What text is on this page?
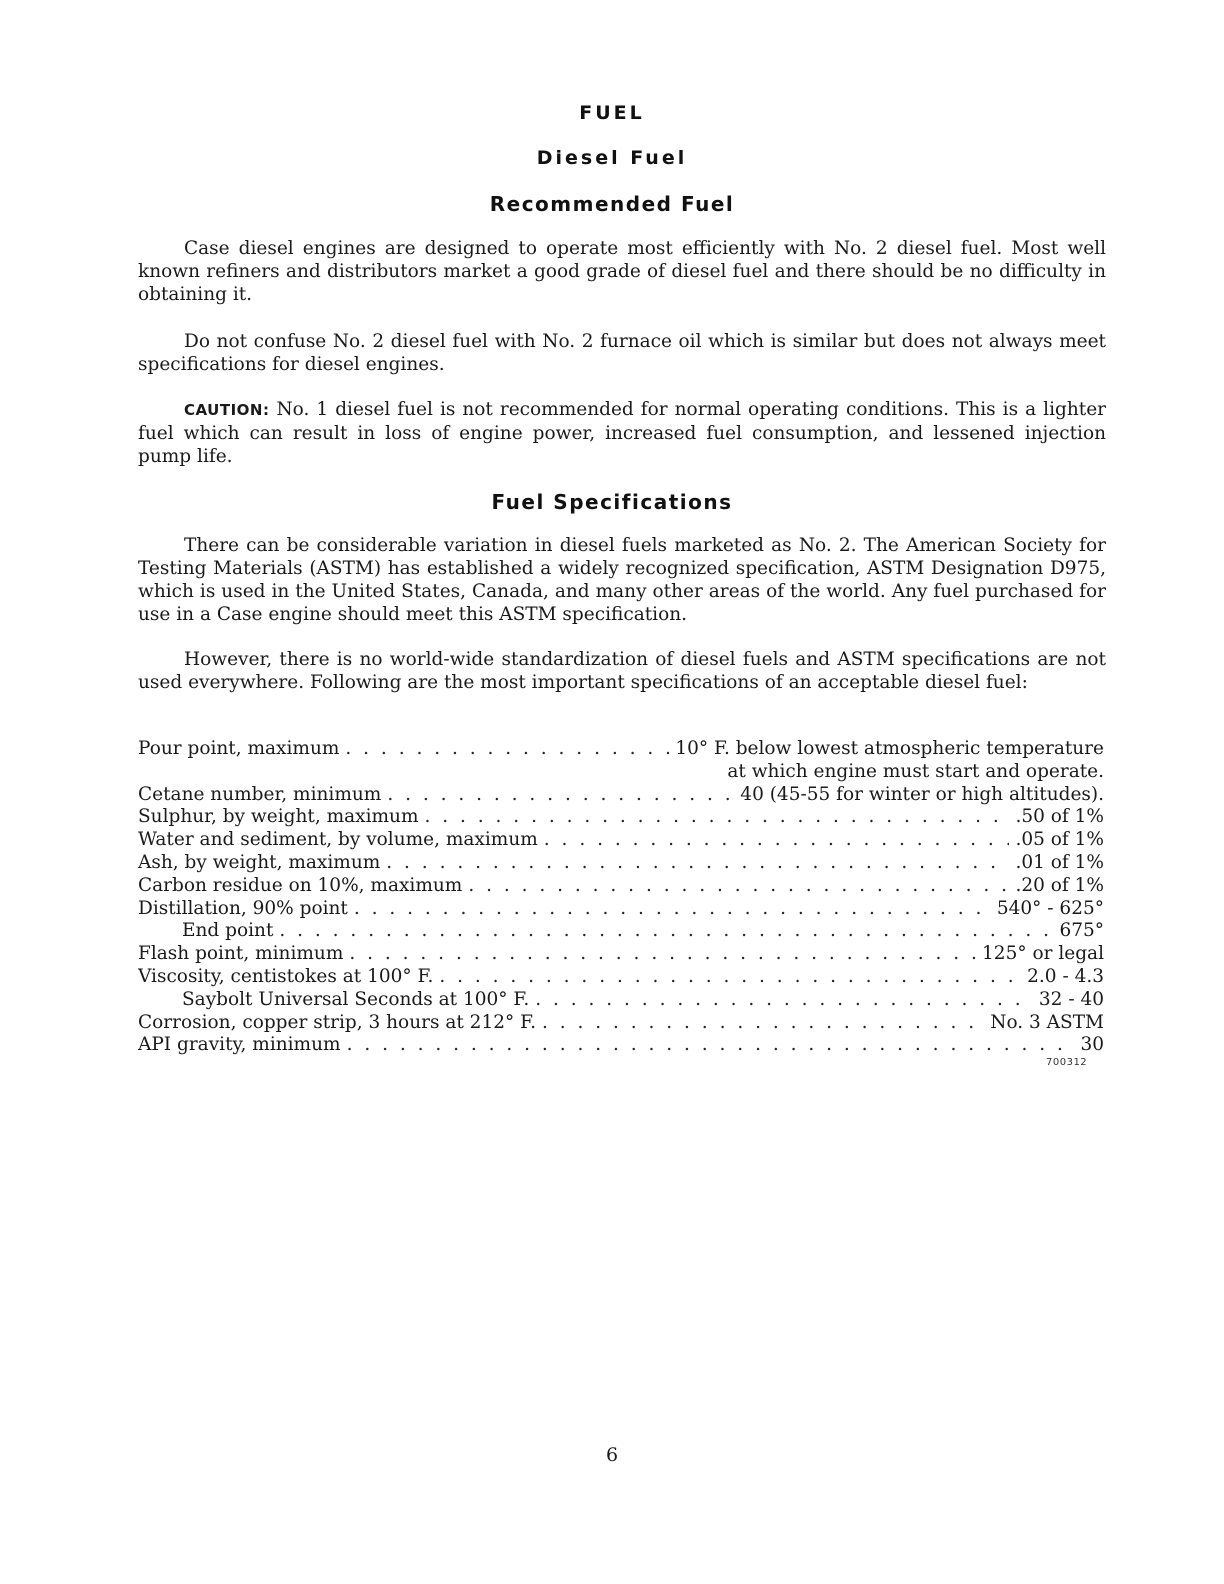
FUEL
Diesel Fuel
Recommended Fuel

Case diesel engines are designed to operate most efficiently with No. 2 diesel fuel. Most well known refiners and distributors market a good grade of diesel fuel and there should be no difficulty in obtaining it.

Do not confuse No. 2 diesel fuel with No. 2 furnace oil which is similar but does not always meet specifications for diesel engines.

CAUTION: No. 1 diesel fuel is not recommended for normal operating conditions. This is a lighter fuel which can result in loss of engine power, increased fuel consumption, and lessened injection pump life.

Fuel Specifications

There can be considerable variation in diesel fuels marketed as No. 2. The American Society for Testing Materials (ASTM) has established a widely recognized specification, ASTM Designation D975, which is used in the United States, Canada, and many other areas of the world. Any fuel purchased for use in a Case engine should meet this ASTM specification.

However, there is no world-wide standardization of diesel fuels and ASTM specifications are not used everywhere. Following are the most important specifications of an acceptable diesel fuel:

Pour point, maximum . . .	10° F. below lowest atmospheric temperature
at which engine must start and operate.
Cetane number, minimum . . .	40 (45-55 for winter or high altitudes).
Sulphur, by weight, maximum . . .	.50 of 1%
Water and sediment, by volume, maximum . . .	.05 of 1%
Ash, by weight, maximum . . .	.01 of 1%
Carbon residue on 10%, maximum . . .	.20 of 1%
Distillation, 90% point . . .	540° - 625°
End point . . .	675°
Flash point, minimum . . .	125° or legal
Viscosity, centistokes at 100° F. . . .	2.0 - 4.3
Saybolt Universal Seconds at 100° F. . . .	32 - 40
Corrosion, copper strip, 3 hours at 212° F. . . .	No. 3 ASTM
API gravity, minimum . . .	30
700312
6
